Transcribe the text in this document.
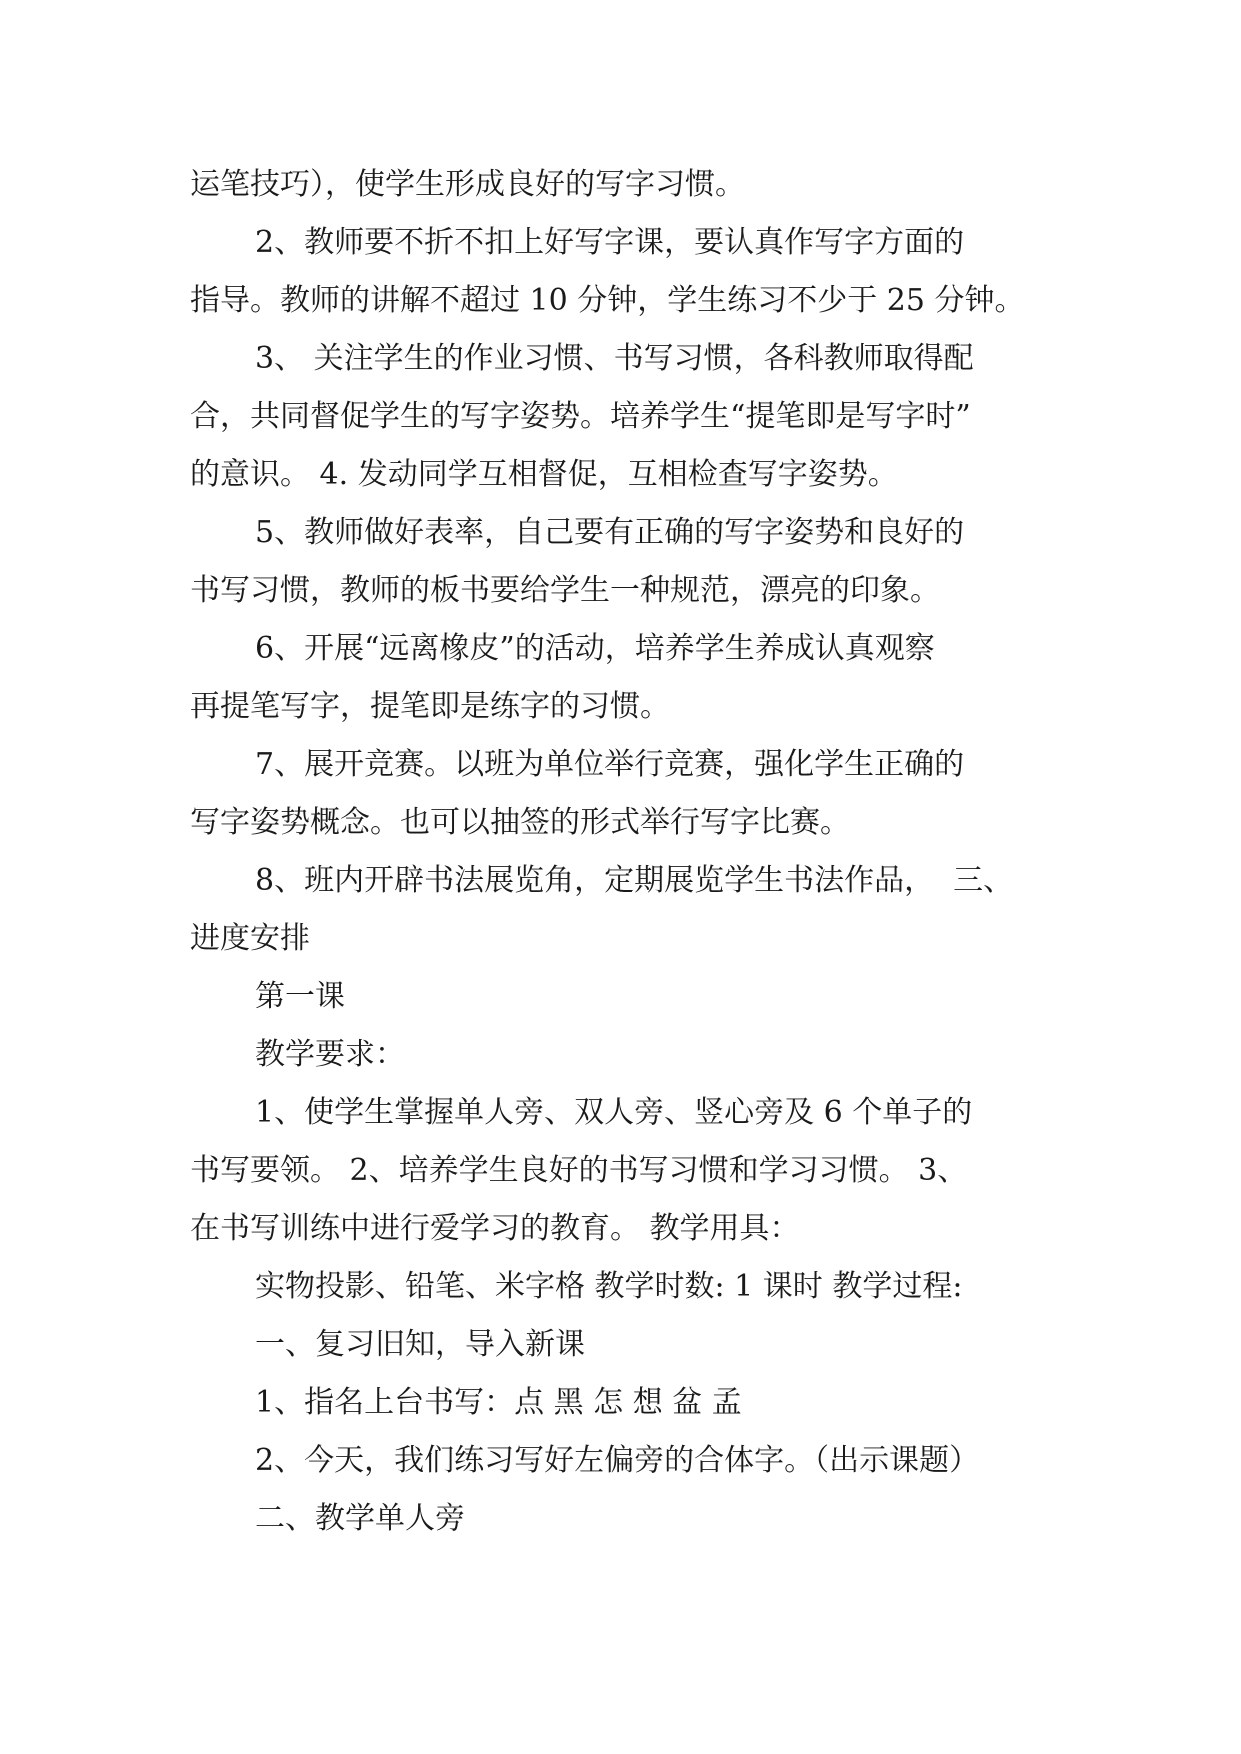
运笔技巧），使学生形成良好的写字习惯。
2、教师要不折不扣上好写字课，要认真作写字方面的
指导。教师的讲解不超过 10 分钟，学生练习不少于 25 分钟。
3、 关注学生的作业习惯、书写习惯，各科教师取得配
合，共同督促学生的写字姿势。培养学生“提笔即是写字时”
的意识。 4. 发动同学互相督促，互相检查写字姿势。
5、教师做好表率，自己要有正确的写字姿势和良好的
书写习惯，教师的板书要给学生一种规范，漂亮的印象。
6、开展“远离橡皮”的活动，培养学生养成认真观察
再提笔写字，提笔即是练字的习惯。
7、展开竞赛。以班为单位举行竞赛，强化学生正确的
写字姿势概念。也可以抽签的形式举行写字比赛。
8、班内开辟书法展览角，定期展览学生书法作品，  三、
进度安排
第一课
教学要求：
1、使学生掌握单人旁、双人旁、竖心旁及 6 个单子的
书写要领。 2、培养学生良好的书写习惯和学习习惯。 3、
在书写训练中进行爱学习的教育。 教学用具：
实物投影、铅笔、米字格 教学时数: 1 课时 教学过程:
一、复习旧知，导入新课
1、指名上台书写：点 黑 怎 想 盆 孟
2、今天，我们练习写好左偏旁的合体字。（出示课题）
二、教学单人旁
